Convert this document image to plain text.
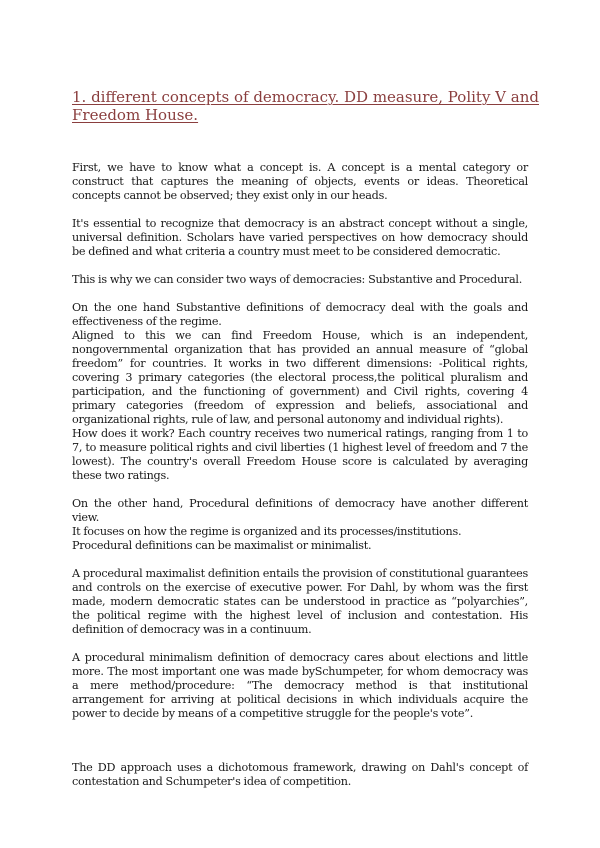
1. different concepts of democracy. DD measure, Polity V and Freedom House.

First, we have to know what a concept is. A concept is a mental category or construct that captures the meaning of objects, events or ideas. Theoretical concepts cannot be observed; they exist only in our heads.

It's essential to recognize that democracy is an abstract concept without a single, universal definition. Scholars have varied perspectives on how democracy should be defined and what criteria a country must meet to be considered democratic.

This is why we can consider two ways of democracies: Substantive and Procedural.

On the one hand Substantive definitions of democracy deal with the goals and effectiveness of the regime.

Aligned to this we can find Freedom House, which is an independent, nongovernmental organization that has provided an annual measure of “global freedom” for countries. It works in two different dimensions: -Political rights, covering 3 primary categories (the electoral process,the political pluralism and participation, and the functioning of government) and Civil rights, covering 4 primary categories (freedom of expression and beliefs, associational and organizational rights, rule of law, and personal autonomy and individual rights).

How does it work? Each country receives two numerical ratings, ranging from 1 to 7, to measure political rights and civil liberties (1 highest level of freedom and 7 the lowest). The country's overall Freedom House score is calculated by averaging these two ratings.

On the other hand, Procedural definitions of democracy have another different view.

It focuses on how the regime is organized and its processes/institutions.

Procedural definitions can be maximalist or minimalist.

A procedural maximalist definition entails the provision of constitutional guarantees and controls on the exercise of executive power. For Dahl, by whom was the first made, modern democratic states can be understood in practice as “polyarchies”, the political regime with the highest level of inclusion and contestation. His definition of democracy was in a continuum.

A procedural minimalism definition of democracy cares about elections and little more. The most important one was made bySchumpeter, for whom democracy was a mere method/procedure: “The democracy method is that institutional arrangement for arriving at political decisions in which individuals acquire the power to decide by means of a competitive struggle for the people's vote”.

The DD approach uses a dichotomous framework, drawing on Dahl's concept of contestation and Schumpeter's idea of competition.
